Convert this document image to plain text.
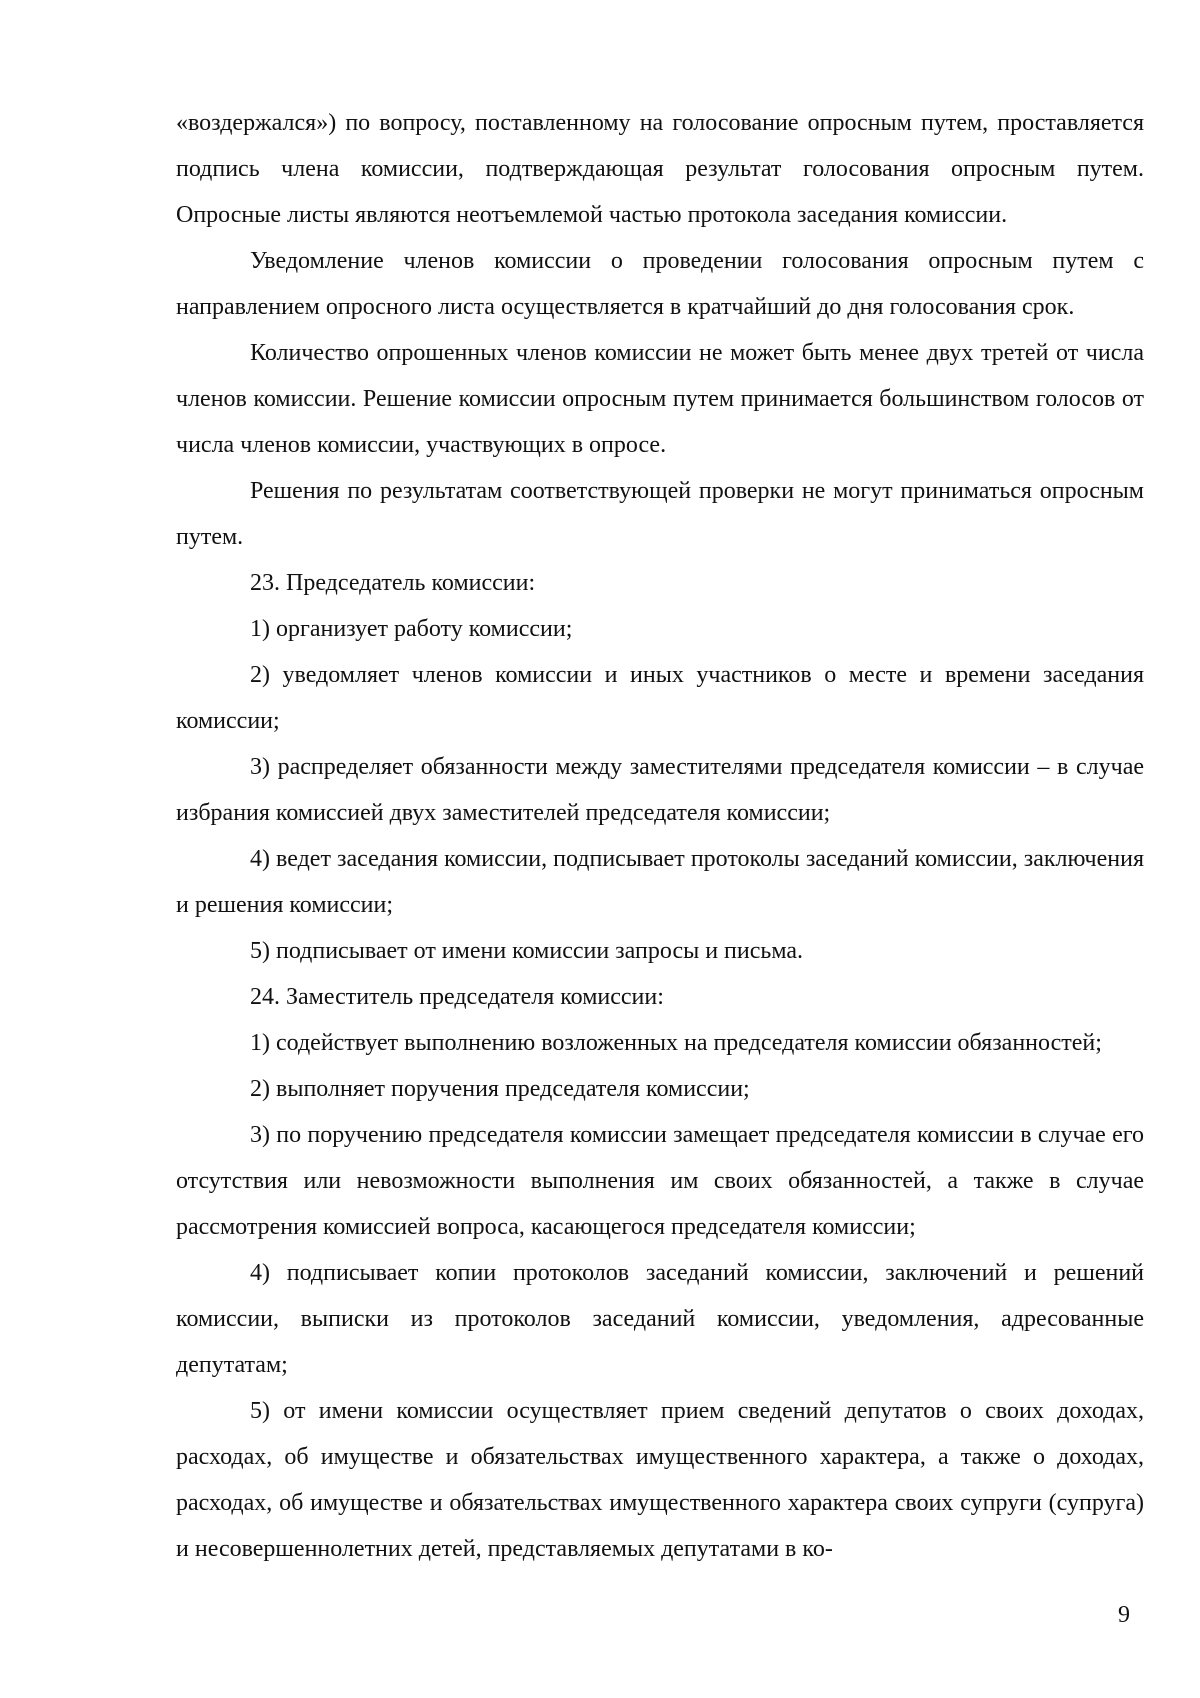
«воздержался») по вопросу, поставленному на голосование опросным путем, проставляется подпись члена комиссии, подтверждающая результат голосования опросным путем. Опросные листы являются неотъемлемой частью протокола заседания комиссии.

Уведомление членов комиссии о проведении голосования опросным путем с направлением опросного листа осуществляется в кратчайший до дня голосования срок.

Количество опрошенных членов комиссии не может быть менее двух третей от числа членов комиссии. Решение комиссии опросным путем принимается большинством голосов от числа членов комиссии, участвующих в опросе.

Решения по результатам соответствующей проверки не могут приниматься опросным путем.

23. Председатель комиссии:

1) организует работу комиссии;

2) уведомляет членов комиссии и иных участников о месте и времени заседания комиссии;

3) распределяет обязанности между заместителями председателя комиссии – в случае избрания комиссией двух заместителей председателя комиссии;

4) ведет заседания комиссии, подписывает протоколы заседаний комиссии, заключения и решения комиссии;

5) подписывает от имени комиссии запросы и письма.

24. Заместитель председателя комиссии:

1) содействует выполнению возложенных на председателя комиссии обязанностей;

2) выполняет поручения председателя комиссии;

3) по поручению председателя комиссии замещает председателя комиссии в случае его отсутствия или невозможности выполнения им своих обязанностей, а также в случае рассмотрения комиссией вопроса, касающегося председателя комиссии;

4) подписывает копии протоколов заседаний комиссии, заключений и решений комиссии, выписки из протоколов заседаний комиссии, уведомления, адресованные депутатам;

5) от имени комиссии осуществляет прием сведений депутатов о своих доходах, расходах, об имуществе и обязательствах имущественного характера, а также о доходах, расходах, об имуществе и обязательствах имущественного характера своих супруги (супруга) и несовершеннолетних детей, представляемых депутатами в ко-

9
